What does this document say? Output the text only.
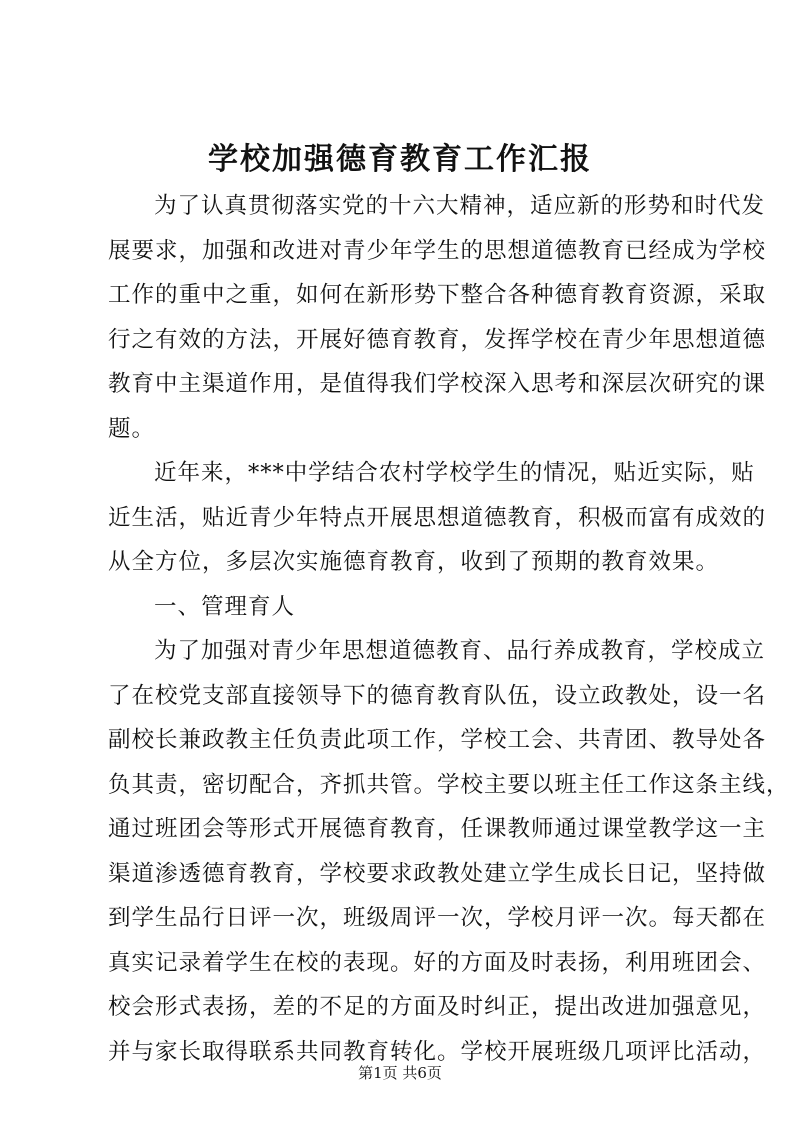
学校加强德育教育工作汇报
为了认真贯彻落实党的十六大精神，适应新的形势和时代发
展要求，加强和改进对青少年学生的思想道德教育已经成为学校
工作的重中之重，如何在新形势下整合各种德育教育资源，采取
行之有效的方法，开展好德育教育，发挥学校在青少年思想道德
教育中主渠道作用，是值得我们学校深入思考和深层次研究的课
题。
近年来，***中学结合农村学校学生的情况，贴近实际，贴
近生活，贴近青少年特点开展思想道德教育，积极而富有成效的
从全方位，多层次实施德育教育，收到了预期的教育效果。
一、管理育人
为了加强对青少年思想道德教育、品行养成教育，学校成立
了在校党支部直接领导下的德育教育队伍，设立政教处，设一名
副校长兼政教主任负责此项工作，学校工会、共青团、教导处各
负其责，密切配合，齐抓共管。学校主要以班主任工作这条主线，
通过班团会等形式开展德育教育，任课教师通过课堂教学这一主
渠道渗透德育教育，学校要求政教处建立学生成长日记，坚持做
到学生品行日评一次，班级周评一次，学校月评一次。每天都在
真实记录着学生在校的表现。好的方面及时表扬，利用班团会、
校会形式表扬，差的不足的方面及时纠正，提出改进加强意见，
并与家长取得联系共同教育转化。学校开展班级几项评比活动，
第1页 共6页
